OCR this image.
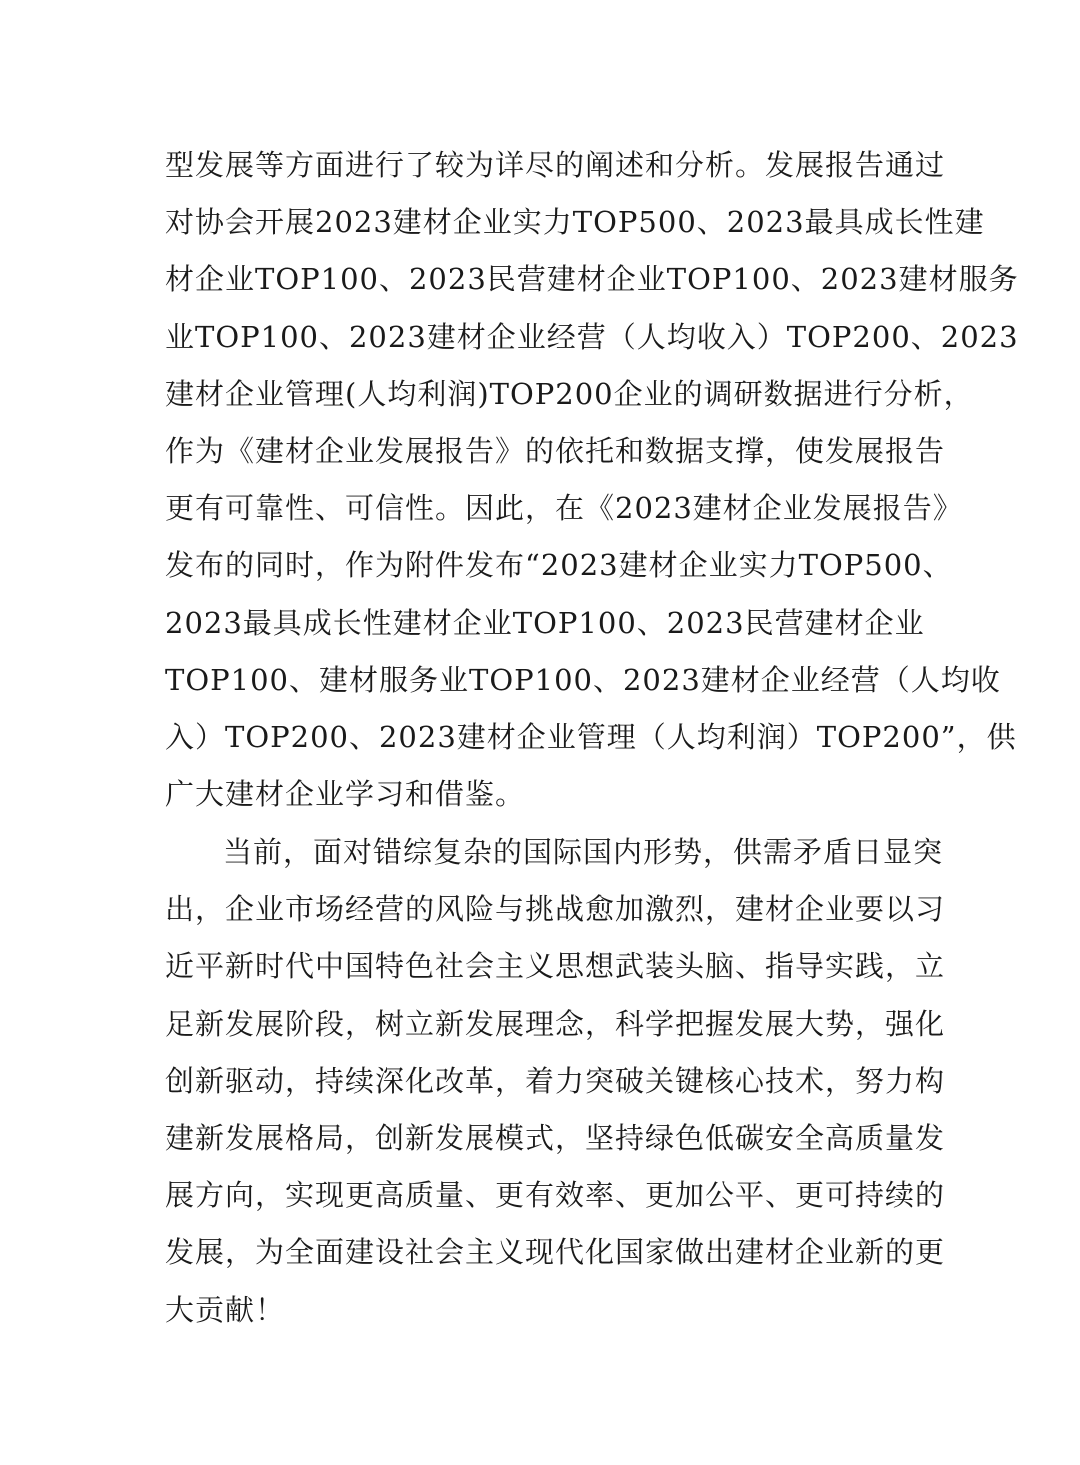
型发展等方面进行了较为详尽的阐述和分析。发展报告通过
对协会开展2023建材企业实力TOP500、2023最具成长性建
材企业TOP100、2023民营建材企业TOP100、2023建材服务
业TOP100、2023建材企业经营（人均收入）TOP200、2023
建材企业管理(人均利润)TOP200企业的调研数据进行分析，
作为《建材企业发展报告》的依托和数据支撑，使发展报告
更有可靠性、可信性。因此，在《2023建材企业发展报告》
发布的同时，作为附件发布“2023建材企业实力TOP500、
2023最具成长性建材企业TOP100、2023民营建材企业
TOP100、建材服务业TOP100、2023建材企业经营（人均收
入）TOP200、2023建材企业管理（人均利润）TOP200”，供
广大建材企业学习和借鉴。
当前，面对错综复杂的国际国内形势，供需矛盾日显突
出，企业市场经营的风险与挑战愈加激烈，建材企业要以习
近平新时代中国特色社会主义思想武装头脑、指导实践，立
足新发展阶段，树立新发展理念，科学把握发展大势，强化
创新驱动，持续深化改革，着力突破关键核心技术，努力构
建新发展格局，创新发展模式，坚持绿色低碳安全高质量发
展方向，实现更高质量、更有效率、更加公平、更可持续的
发展，为全面建设社会主义现代化国家做出建材企业新的更
大贡献！
